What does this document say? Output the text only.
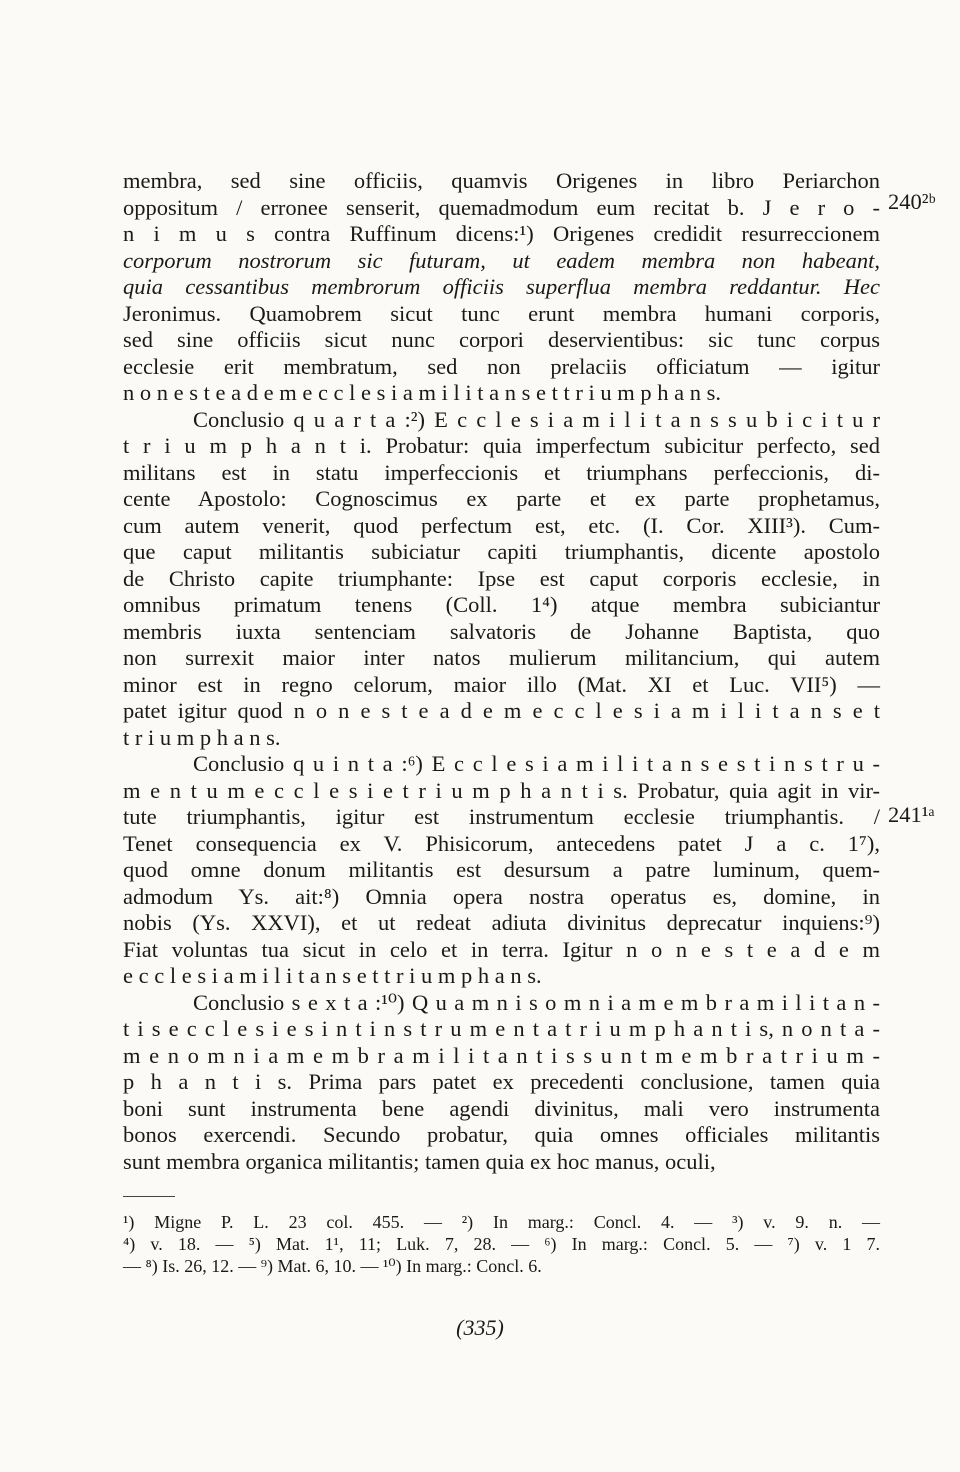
membra, sed sine officiis, quamvis Origenes in libro Periarchon
oppositum / erronee senserit, quemadmodum eum recitat b. J e r o -
n i m u s contra Ruffinum dicens:¹) Origenes credidit resurreccionem
corporum nostrorum sic futuram, ut eadem membra non habeant,
quia cessantibus membrorum officiis superflua membra reddantur. Hec
Jeronimus. Quamobrem sicut tunc erunt membra humani corporis,
sed sine officiis sicut nunc corpori deservientibus: sic tunc corpus
ecclesie erit membratum, sed non prelaciis officiatum — igitur
n o n e s t e a d e m e c c l e s i a m i l i t a n s e t t r i u m p h a n s.
Conclusio q u a r t a :²) E c c l e s i a m i l i t a n s s u b i c i t u r
t r i u m p h a n t i. Probatur: quia imperfectum subicitur perfecto, sed
militans est in statu imperfeccionis et triumphans perfeccionis, di-
cente Apostolo: Cognoscimus ex parte et ex parte prophetamus,
cum autem venerit, quod perfectum est, etc. (I. Cor. XIII³). Cum-
que caput militantis subiciatur capiti triumphantis, dicente apostolo
de Christo capite triumphante: Ipse est caput corporis ecclesie, in
omnibus primatum tenens (Coll. 1⁴) atque membra subiciantur
membris iuxta sentenciam salvatoris de Johanne Baptista, quo
non surrexit maior inter natos mulierum militancium, qui autem
minor est in regno celorum, maior illo (Mat. XI et Luc. VII⁵) —
patet igitur quod n o n e s t e a d e m e c c l e s i a m i l i t a n s e t
t r i u m p h a n s.
Conclusio q u i n t a :⁶) E c c l e s i a m i l i t a n s e s t i n s t r u -
m e n t u m e c c l e s i e t r i u m p h a n t i s. Probatur, quia agit in vir-
tute triumphantis, igitur est instrumentum ecclesie triumphantis. /
Tenet consequencia ex V. Phisicorum, antecedens patet J a c. 1⁷),
quod omne donum militantis est desursum a patre luminum, quem-
admodum Ys. ait:⁸) Omnia opera nostra operatus es, domine, in
nobis (Ys. XXVI), et ut redeat adiuta divinitus deprecatur inquiens:⁹)
Fiat voluntas tua sicut in celo et in terra. Igitur n o n e s t e a d e m
e c c l e s i a m i l i t a n s e t t r i u m p h a n s.
Conclusio s e x t a :¹⁰) Q u a m n i s o m n i a m e m b r a m i l i t a n -
t i s e c c l e s i e s i n t i n s t r u m e n t a t r i u m p h a n t i s, n o n t a -
m e n o m n i a m e m b r a m i l i t a n t i s s u n t m e m b r a t r i u m -
p h a n t i s. Prima pars patet ex precedenti conclusione, tamen quia
boni sunt instrumenta bene agendi divinitus, mali vero instrumenta
bonos exercendi. Secundo probatur, quia omnes officiales militantis
sunt membra organica militantis; tamen quia ex hoc manus, oculi,
240²ᵇ
241¹ᵃ
¹) Migne P. L. 23 col. 455. — ²) In marg.: Concl. 4. — ³) v. 9. n. —
⁴) v. 18. — ⁵) Mat. 1¹, 11; Luk. 7, 28. — ⁶) In marg.: Concl. 5. — ⁷) v. 1 7.
— ⁸) Is. 26, 12. — ⁹) Mat. 6, 10. — ¹⁰) In marg.: Concl. 6.
(335)
